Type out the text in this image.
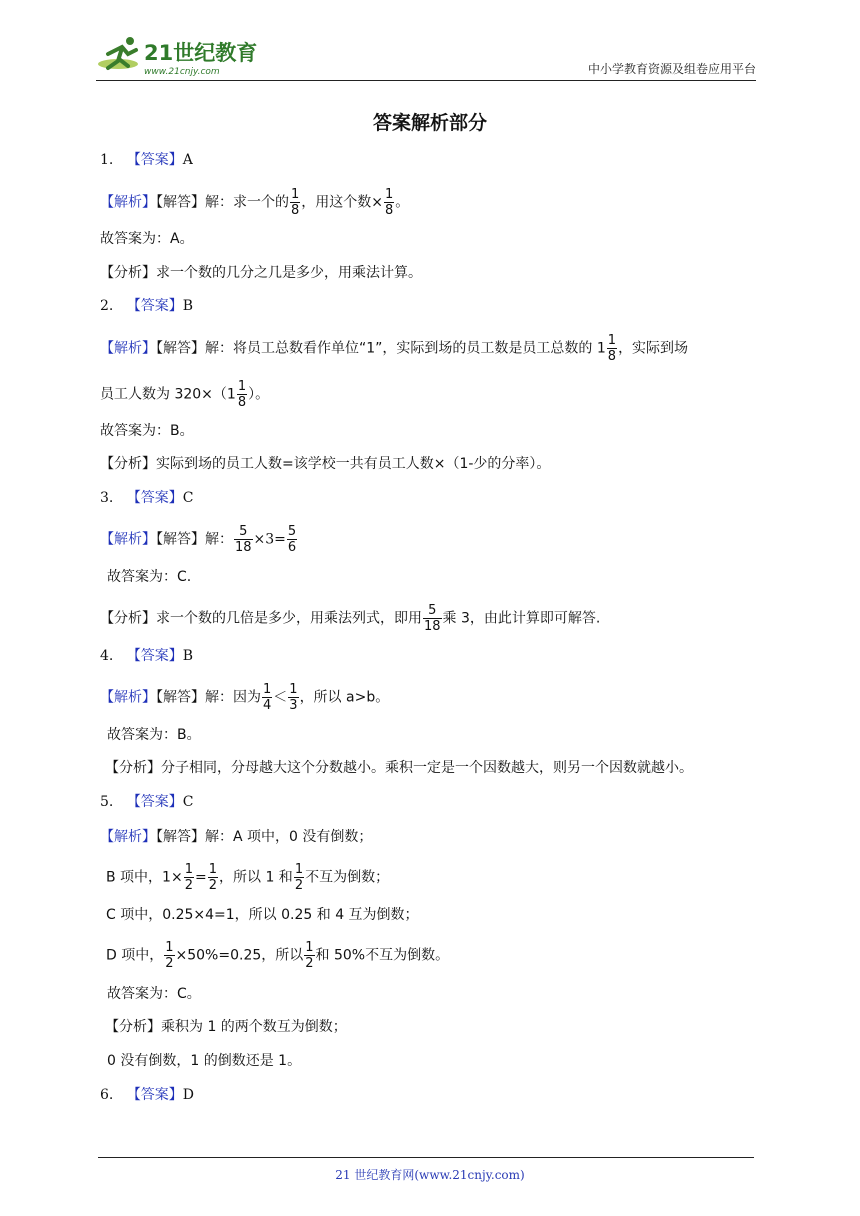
21世纪教育
www.21cnjy.com	中小学教育资源及组卷应用平台
答案解析部分
1. 【答案】A
【解析】【解答】解：求一个的 $\frac{1}{8}$ ，用这个数× $\frac{1}{8}$ 。
故答案为：A。
【分析】求一个数的几分之几是多少，用乘法计算。
2. 【答案】B
【解析】【解答】解：将员工总数看作单位“1”，实际到场的员工数是员工总数的 $1 \frac{1}{8}$ ，实际到场
员工人数为 $320\times(1 \frac{1}{8}$ ）。
故答案为：B。
【分析】实际到场的员工人数=该学校一共有员工人数×（1-少的分率）。
3. 【答案】C
【解析】【解答】解： $\frac{5}{18} \times 3= \frac{5}{6}$
故答案为：C.
【分析】求一个数的几倍是多少，用乘法列式，即用 $\frac{5}{18}$ 乘 3，由此计算即可解答.
4. 【答案】B
【解析】【解答】解：因为 $\frac{1}{4} < \frac{1}{3}$ ，所以 a>b。
故答案为：B。
【分析】分子相同，分母越大这个分数越小。乘积一定是一个因数越大，则另一个因数就越小。
5. 【答案】C
【解析】【解答】解：A 项中，0 没有倒数；
B 项中，$1\times \frac{1}{2} = \frac{1}{2}$ ，所以 1 和 $\frac{1}{2}$ 不互为倒数；
C 项中，0.25×4=1，所以 0.25 和 4 互为倒数；
D 项中， $\frac{1}{2} \times 50\%=0.25$，所以 $\frac{1}{2}$ 和 50%不互为倒数。
故答案为：C。
【分析】乘积为 1 的两个数互为倒数；
0 没有倒数，1 的倒数还是 1。
6. 【答案】D
21 世纪教育网(www.21cnjy.com)
